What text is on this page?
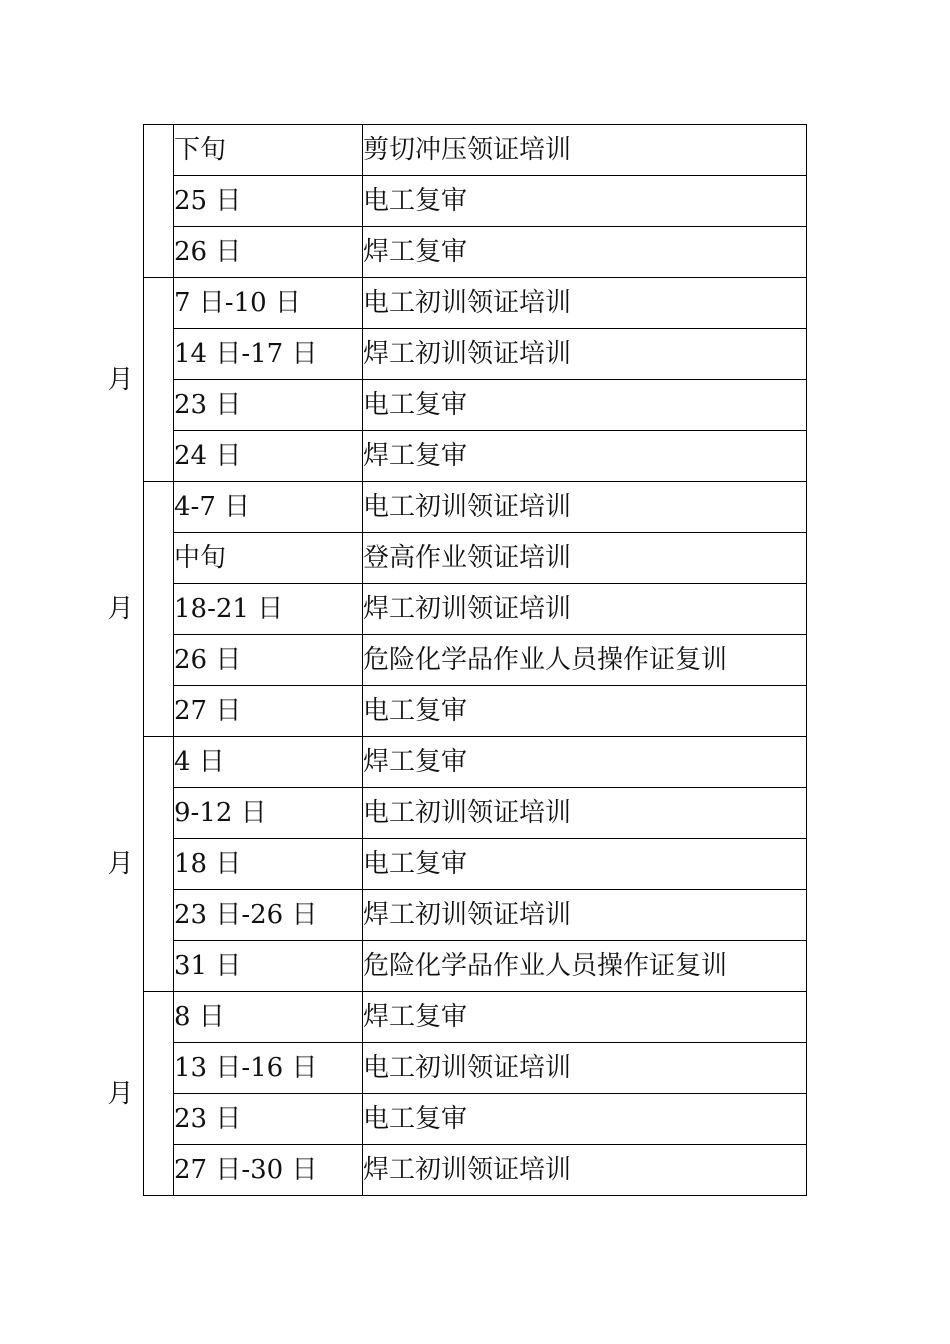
	下旬	剪切冲压领证培训
	25 日	电工复审
	26 日	焊工复审
月	7 日-10 日	电工初训领证培训
	14 日-17 日	焊工初训领证培训
	23 日	电工复审
	24 日	焊工复审
月	4-7 日	电工初训领证培训
	中旬	登高作业领证培训
	18-21 日	焊工初训领证培训
	26 日	危险化学品作业人员操作证复训
	27 日	电工复审
月	4 日	焊工复审
	9-12 日	电工初训领证培训
	18 日	电工复审
	23 日-26 日	焊工初训领证培训
	31 日	危险化学品作业人员操作证复训
月	8 日	焊工复审
	13 日-16 日	电工初训领证培训
	23 日	电工复审
	27 日-30 日	焊工初训领证培训
